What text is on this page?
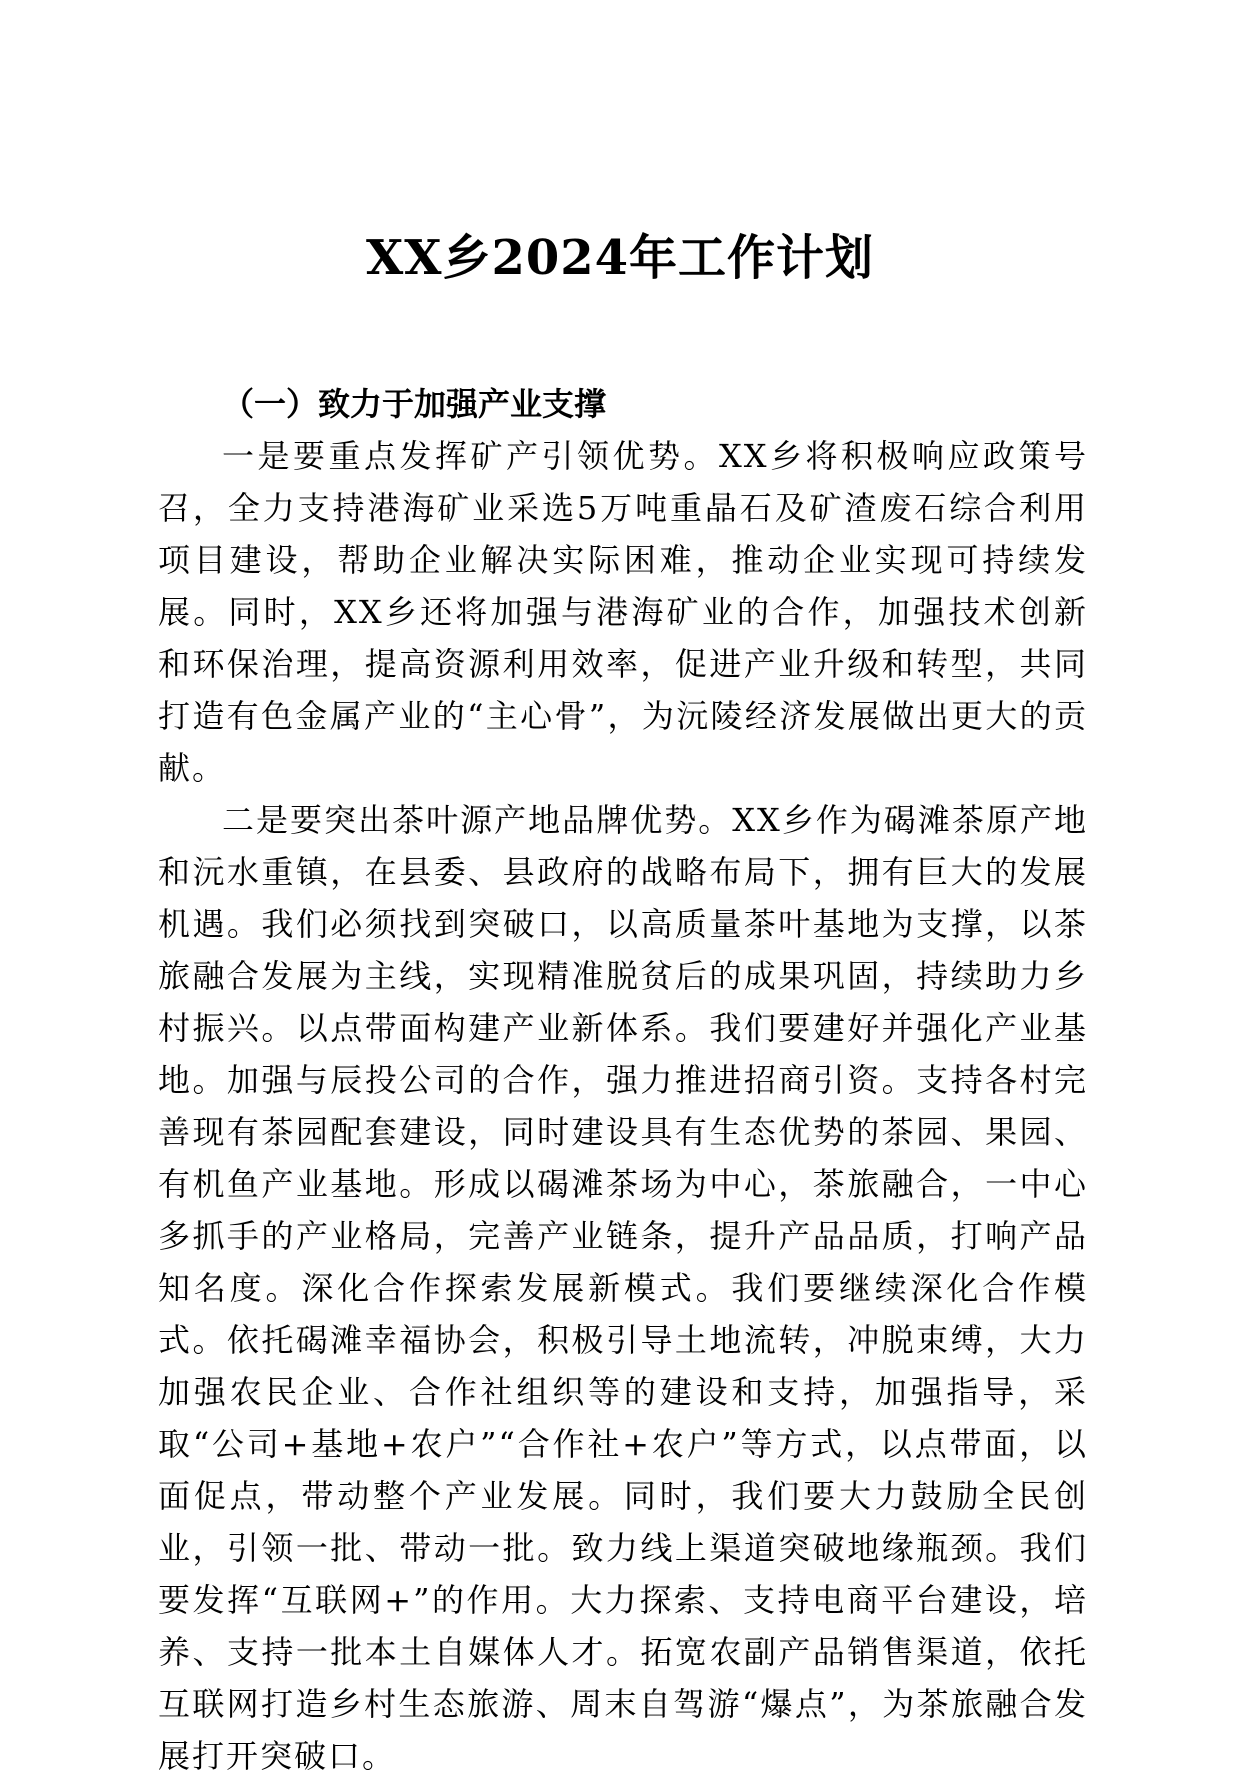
XX乡2024年工作计划

（一）致力于加强产业支撑

一是要重点发挥矿产引领优势。XX乡将积极响应政策号召，全力支持港海矿业采选5万吨重晶石及矿渣废石综合利用项目建设，帮助企业解决实际困难，推动企业实现可持续发展。同时，XX乡还将加强与港海矿业的合作，加强技术创新和环保治理，提高资源利用效率，促进产业升级和转型，共同打造有色金属产业的“主心骨”，为沅陵经济发展做出更大的贡献。

二是要突出茶叶源产地品牌优势。XX乡作为碣滩茶原产地和沅水重镇，在县委、县政府的战略布局下，拥有巨大的发展机遇。我们必须找到突破口，以高质量茶叶基地为支撑，以茶旅融合发展为主线，实现精准脱贫后的成果巩固，持续助力乡村振兴。以点带面构建产业新体系。我们要建好并强化产业基地。加强与辰投公司的合作，强力推进招商引资。支持各村完善现有茶园配套建设，同时建设具有生态优势的茶园、果园、有机鱼产业基地。形成以碣滩茶场为中心，茶旅融合，一中心多抓手的产业格局，完善产业链条，提升产品品质，打响产品知名度。深化合作探索发展新模式。我们要继续深化合作模式。依托碣滩幸福协会，积极引导土地流转，冲脱束缚，大力加强农民企业、合作社组织等的建设和支持，加强指导，采取“公司+基地+农户”“合作社+农户”等方式，以点带面，以面促点，带动整个产业发展。同时，我们要大力鼓励全民创业，引领一批、带动一批。致力线上渠道突破地缘瓶颈。我们要发挥“互联网+”的作用。大力探索、支持电商平台建设，培养、支持一批本土自媒体人才。拓宽农副产品销售渠道，依托互联网打造乡村生态旅游、周末自驾游“爆点”，为茶旅融合发展打开突破口。
